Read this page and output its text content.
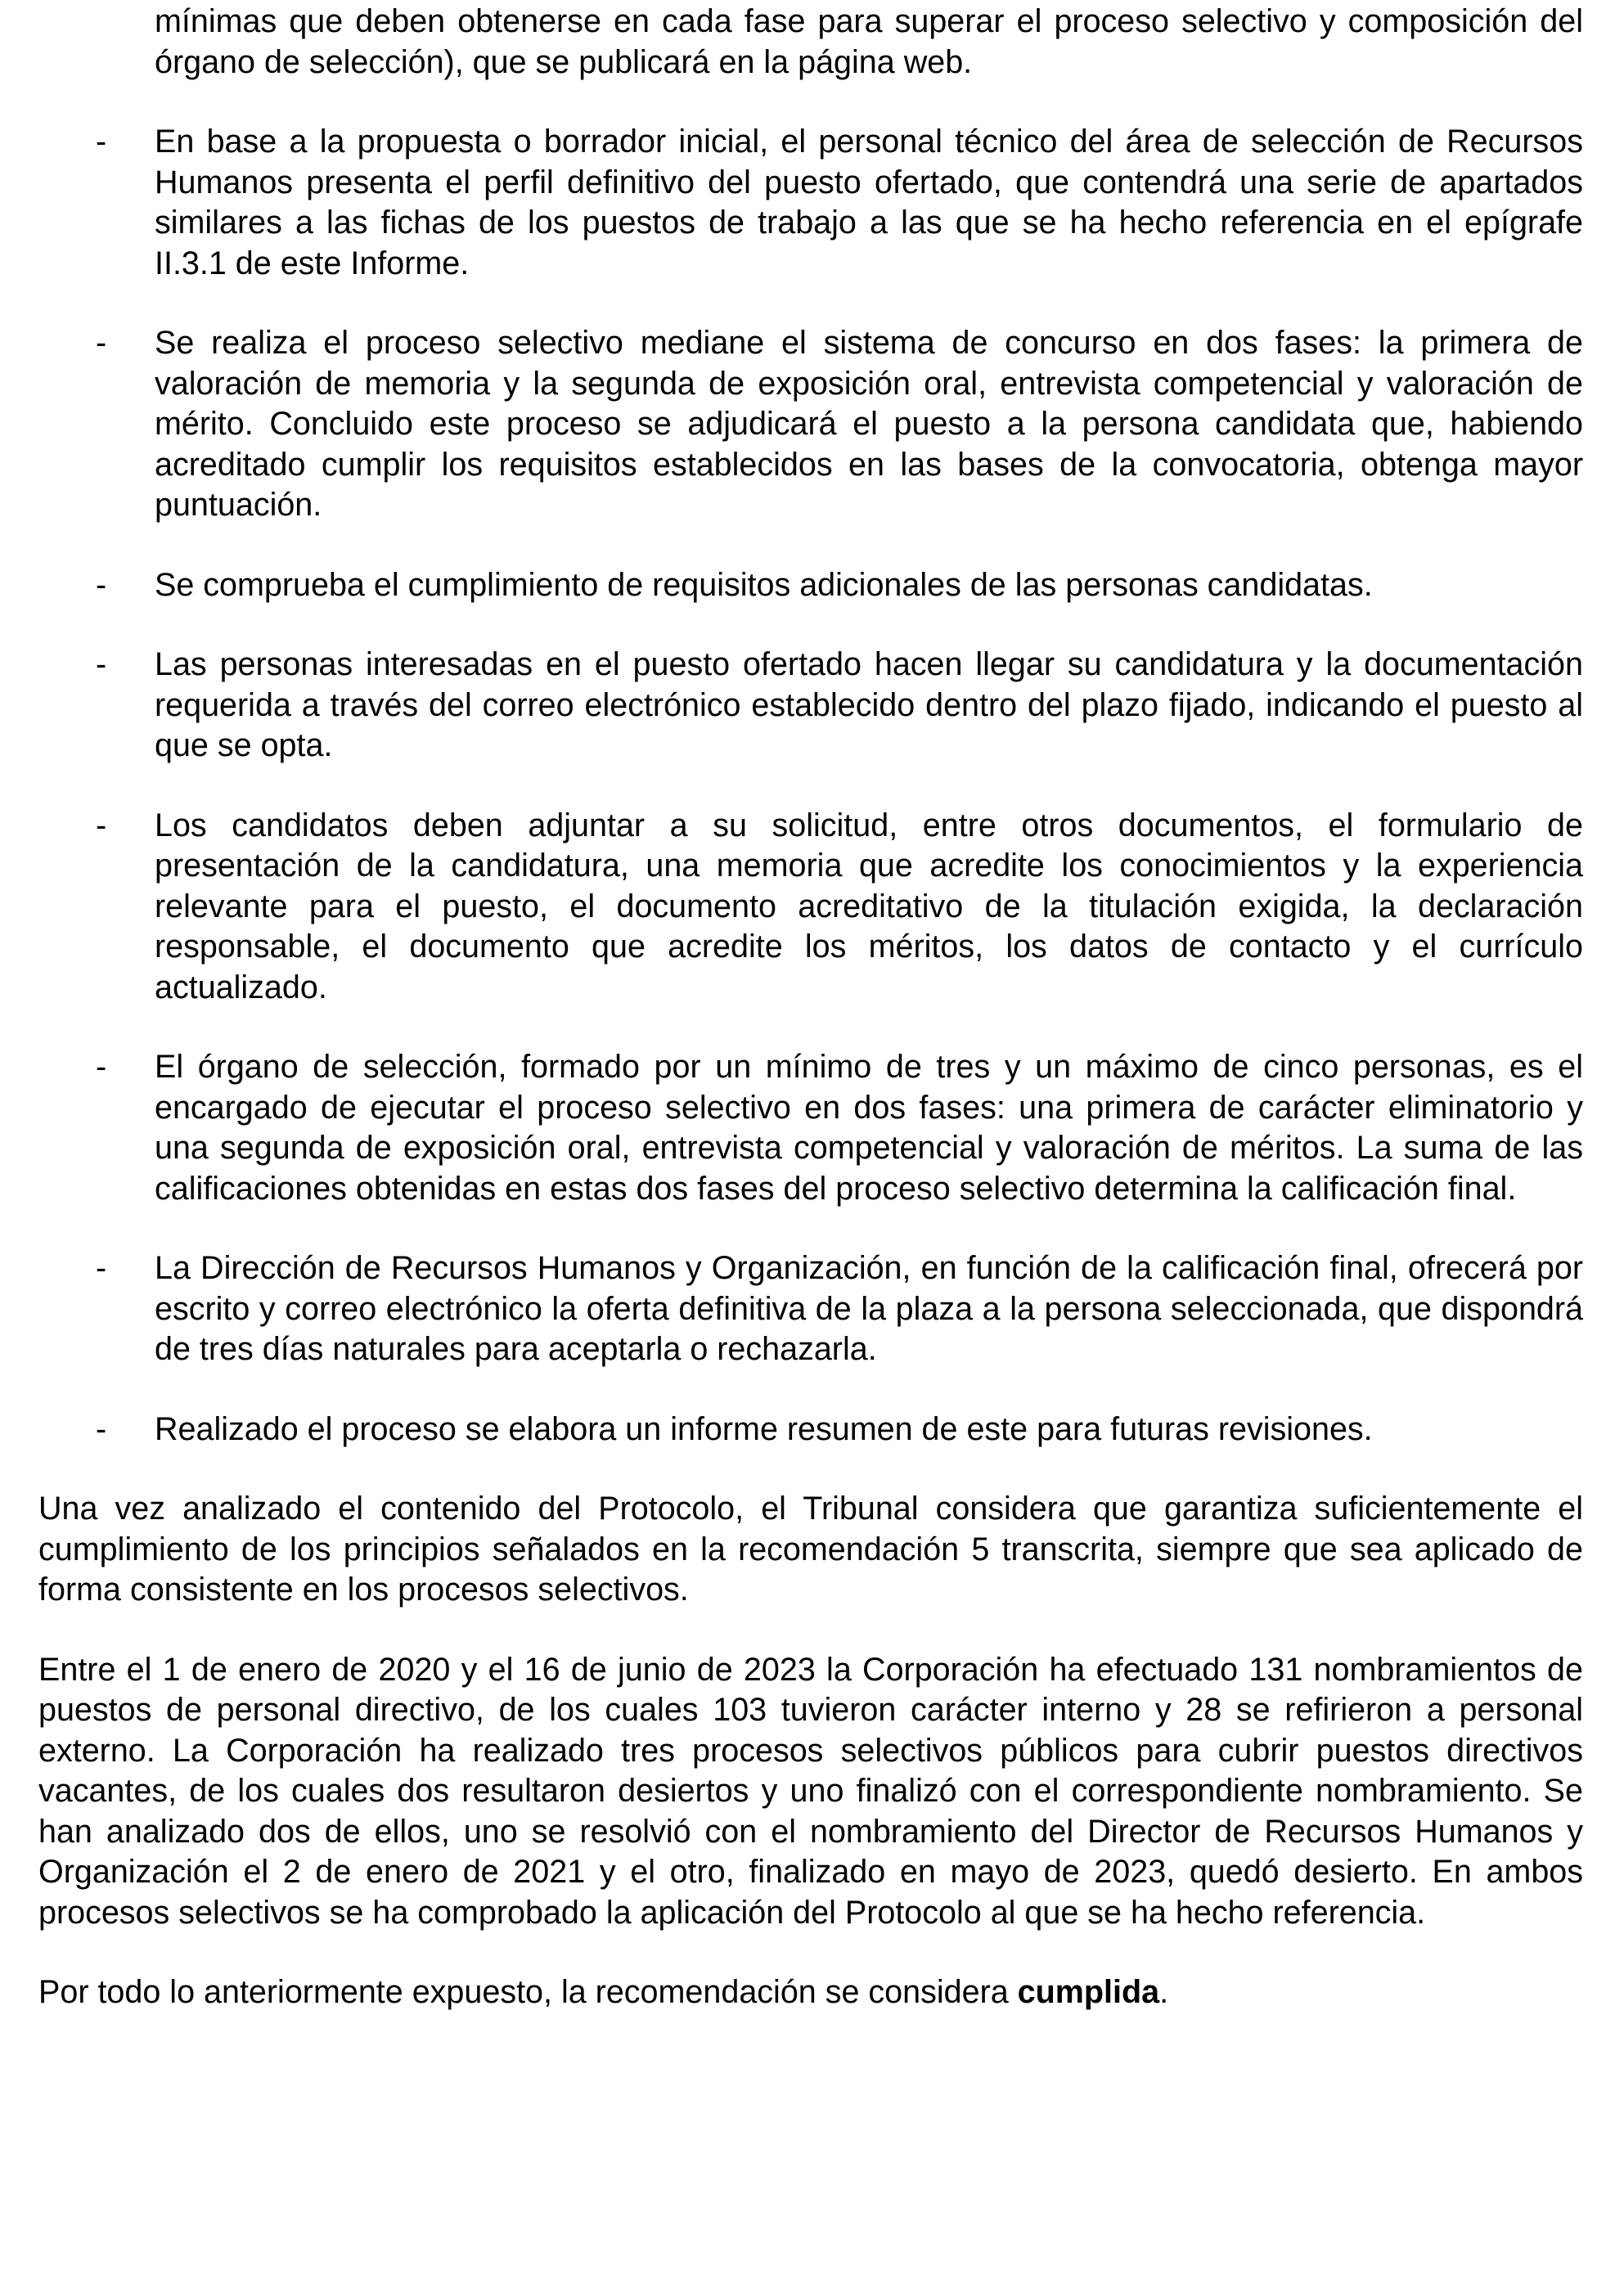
mínimas que deben obtenerse en cada fase para superar el proceso selectivo y composición del órgano de selección), que se publicará en la página web.

- En base a la propuesta o borrador inicial, el personal técnico del área de selección de Recursos Humanos presenta el perfil definitivo del puesto ofertado, que contendrá una serie de apartados similares a las fichas de los puestos de trabajo a las que se ha hecho referencia en el epígrafe II.3.1 de este Informe.
- Se realiza el proceso selectivo mediane el sistema de concurso en dos fases: la primera de valoración de memoria y la segunda de exposición oral, entrevista competencial y valoración de mérito. Concluido este proceso se adjudicará el puesto a la persona candidata que, habiendo acreditado cumplir los requisitos establecidos en las bases de la convocatoria, obtenga mayor puntuación.
- Se comprueba el cumplimiento de requisitos adicionales de las personas candidatas.
- Las personas interesadas en el puesto ofertado hacen llegar su candidatura y la documentación requerida a través del correo electrónico establecido dentro del plazo fijado, indicando el puesto al que se opta.
- Los candidatos deben adjuntar a su solicitud, entre otros documentos, el formulario de presentación de la candidatura, una memoria que acredite los conocimientos y la experiencia relevante para el puesto, el documento acreditativo de la titulación exigida, la declaración responsable, el documento que acredite los méritos, los datos de contacto y el currículo actualizado.
- El órgano de selección, formado por un mínimo de tres y un máximo de cinco personas, es el encargado de ejecutar el proceso selectivo en dos fases: una primera de carácter eliminatorio y una segunda de exposición oral, entrevista competencial y valoración de méritos. La suma de las calificaciones obtenidas en estas dos fases del proceso selectivo determina la calificación final.
- La Dirección de Recursos Humanos y Organización, en función de la calificación final, ofrecerá por escrito y correo electrónico la oferta definitiva de la plaza a la persona seleccionada, que dispondrá de tres días naturales para aceptarla o rechazarla.
- Realizado el proceso se elabora un informe resumen de este para futuras revisiones.

Una vez analizado el contenido del Protocolo, el Tribunal considera que garantiza suficientemente el cumplimiento de los principios señalados en la recomendación 5 transcrita, siempre que sea aplicado de forma consistente en los procesos selectivos.

Entre el 1 de enero de 2020 y el 16 de junio de 2023 la Corporación ha efectuado 131 nombramientos de puestos de personal directivo, de los cuales 103 tuvieron carácter interno y 28 se refirieron a personal externo. La Corporación ha realizado tres procesos selectivos públicos para cubrir puestos directivos vacantes, de los cuales dos resultaron desiertos y uno finalizó con el correspondiente nombramiento. Se han analizado dos de ellos, uno se resolvió con el nombramiento del Director de Recursos Humanos y Organización el 2 de enero de 2021 y el otro, finalizado en mayo de 2023, quedó desierto. En ambos procesos selectivos se ha comprobado la aplicación del Protocolo al que se ha hecho referencia.

Por todo lo anteriormente expuesto, la recomendación se considera cumplida.
